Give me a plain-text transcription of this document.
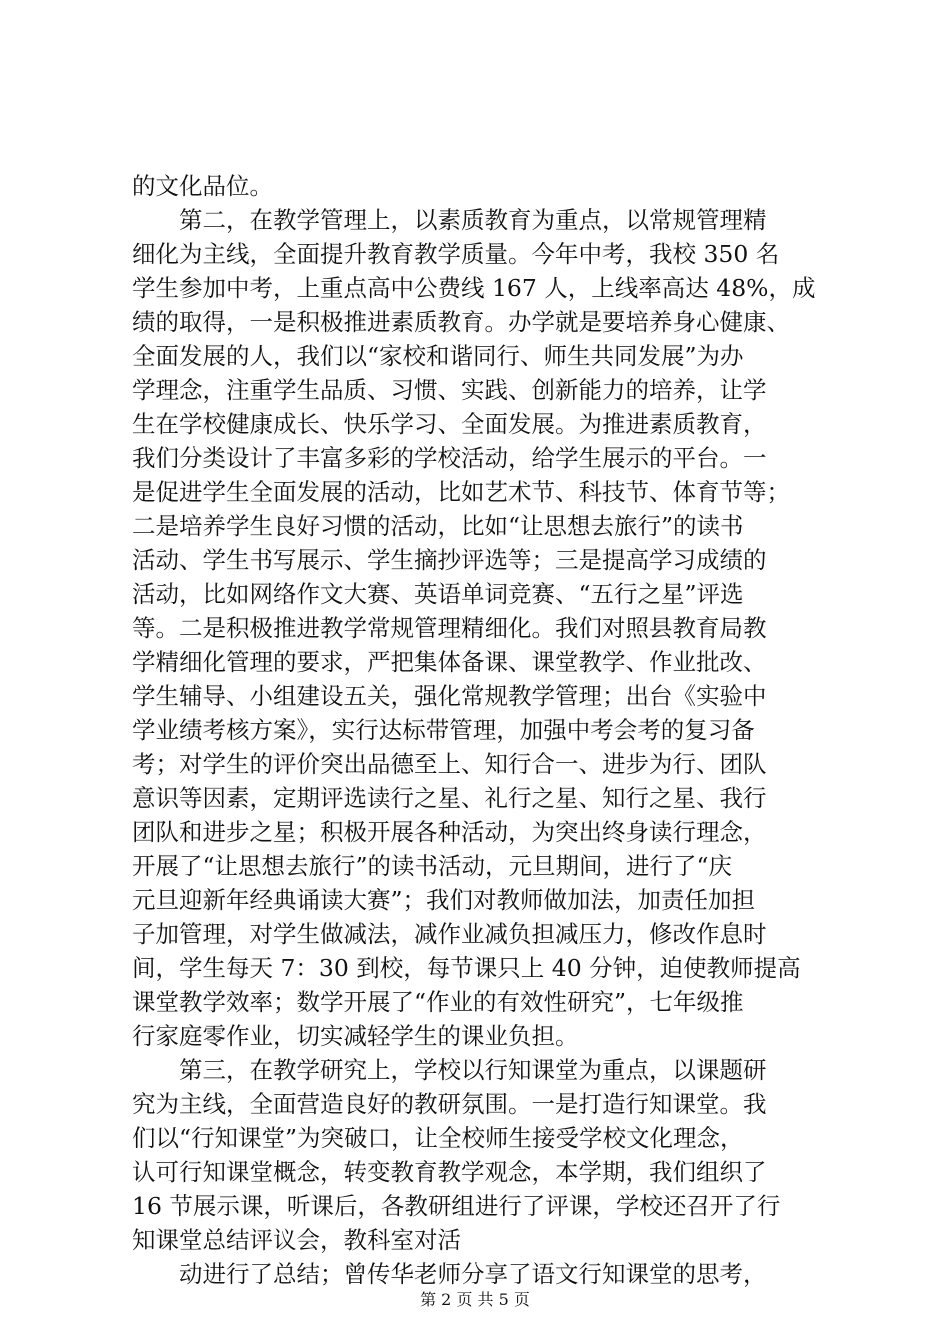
的文化品位。
　　第二，在教学管理上，以素质教育为重点，以常规管理精
细化为主线，全面提升教育教学质量。今年中考，我校 350 名
学生参加中考，上重点高中公费线 167 人，上线率高达 48%，成
绩的取得，一是积极推进素质教育。办学就是要培养身心健康、
全面发展的人，我们以“家校和谐同行、师生共同发展”为办
学理念，注重学生品质、习惯、实践、创新能力的培养，让学
生在学校健康成长、快乐学习、全面发展。为推进素质教育，
我们分类设计了丰富多彩的学校活动，给学生展示的平台。一
是促进学生全面发展的活动，比如艺术节、科技节、体育节等；
二是培养学生良好习惯的活动，比如“让思想去旅行”的读书
活动、学生书写展示、学生摘抄评选等；三是提高学习成绩的
活动，比如网络作文大赛、英语单词竞赛、“五行之星”评选
等。二是积极推进教学常规管理精细化。我们对照县教育局教
学精细化管理的要求，严把集体备课、课堂教学、作业批改、
学生辅导、小组建设五关，强化常规教学管理；出台《实验中
学业绩考核方案》，实行达标带管理，加强中考会考的复习备
考；对学生的评价突出品德至上、知行合一、进步为行、团队
意识等因素，定期评选读行之星、礼行之星、知行之星、我行
团队和进步之星；积极开展各种活动，为突出终身读行理念，
开展了“让思想去旅行”的读书活动，元旦期间，进行了“庆
元旦迎新年经典诵读大赛”；我们对教师做加法，加责任加担
子加管理，对学生做减法，减作业减负担减压力，修改作息时
间，学生每天 7：30 到校，每节课只上 40 分钟，迫使教师提高
课堂教学效率；数学开展了“作业的有效性研究”，七年级推
行家庭零作业，切实减轻学生的课业负担。
　　第三，在教学研究上，学校以行知课堂为重点，以课题研
究为主线，全面营造良好的教研氛围。一是打造行知课堂。我
们以“行知课堂”为突破口，让全校师生接受学校文化理念，
认可行知课堂概念，转变教育教学观念，本学期，我们组织了
16 节展示课，听课后，各教研组进行了评课，学校还召开了行
知课堂总结评议会，教科室对活
　　动进行了总结；曾传华老师分享了语文行知课堂的思考，
第 2 页 共 5 页
